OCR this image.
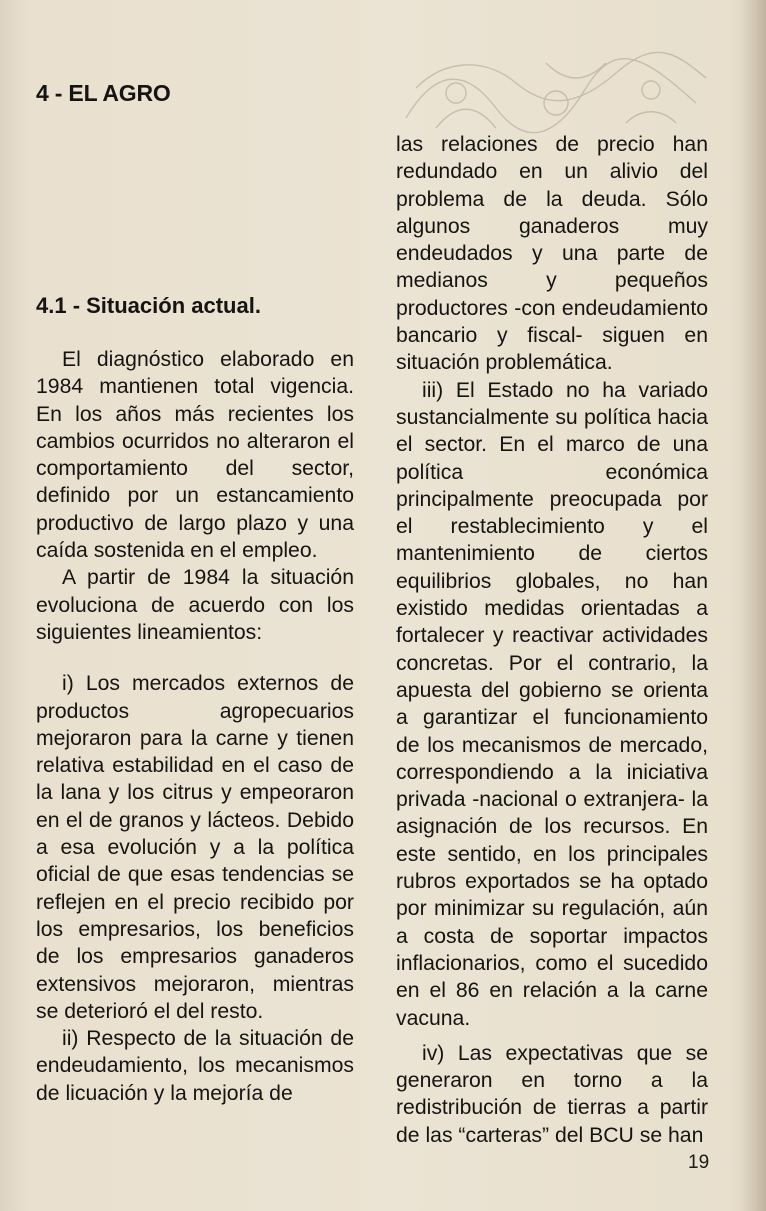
4 - EL AGRO
4.1 - Situación actual.

El diagnóstico elaborado en 1984 mantienen total vigencia. En los años más recientes los cambios ocurridos no alteraron el comportamiento del sector, definido por un estancamiento productivo de largo plazo y una caída sostenida en el empleo.

A partir de 1984 la situación evoluciona de acuerdo con los siguientes lineamientos:

i) Los mercados externos de productos agropecuarios mejoraron para la carne y tienen relativa estabilidad en el caso de la lana y los citrus y empeoraron en el de granos y lácteos. Debido a esa evolución y a la política oficial de que esas tendencias se reflejen en el precio recibido por los empresarios, los beneficios de los empresarios ganaderos extensivos mejoraron, mientras se deterioró el del resto.

ii) Respecto de la situación de endeudamiento, los mecanismos de licuación y la mejoría de

las relaciones de precio han redundado en un alivio del problema de la deuda. Sólo algunos ganaderos muy endeudados y una parte de medianos y pequeños productores -con endeudamiento bancario y fiscal- siguen en situación problemática.

iii) El Estado no ha variado sustancialmente su política hacia el sector. En el marco de una política económica principalmente preocupada por el restablecimiento y el mantenimiento de ciertos equilibrios globales, no han existido medidas orientadas a fortalecer y reactivar actividades concretas. Por el contrario, la apuesta del gobierno se orienta a garantizar el funcionamiento de los mecanismos de mercado, correspondiendo a la iniciativa privada -nacional o extranjera- la asignación de los recursos. En este sentido, en los principales rubros exportados se ha optado por minimizar su regulación, aún a costa de soportar impactos inflacionarios, como el sucedido en el 86 en relación a la carne vacuna.

iv) Las expectativas que se generaron en torno a la redistribución de tierras a partir de las “carteras” del BCU se han

19
